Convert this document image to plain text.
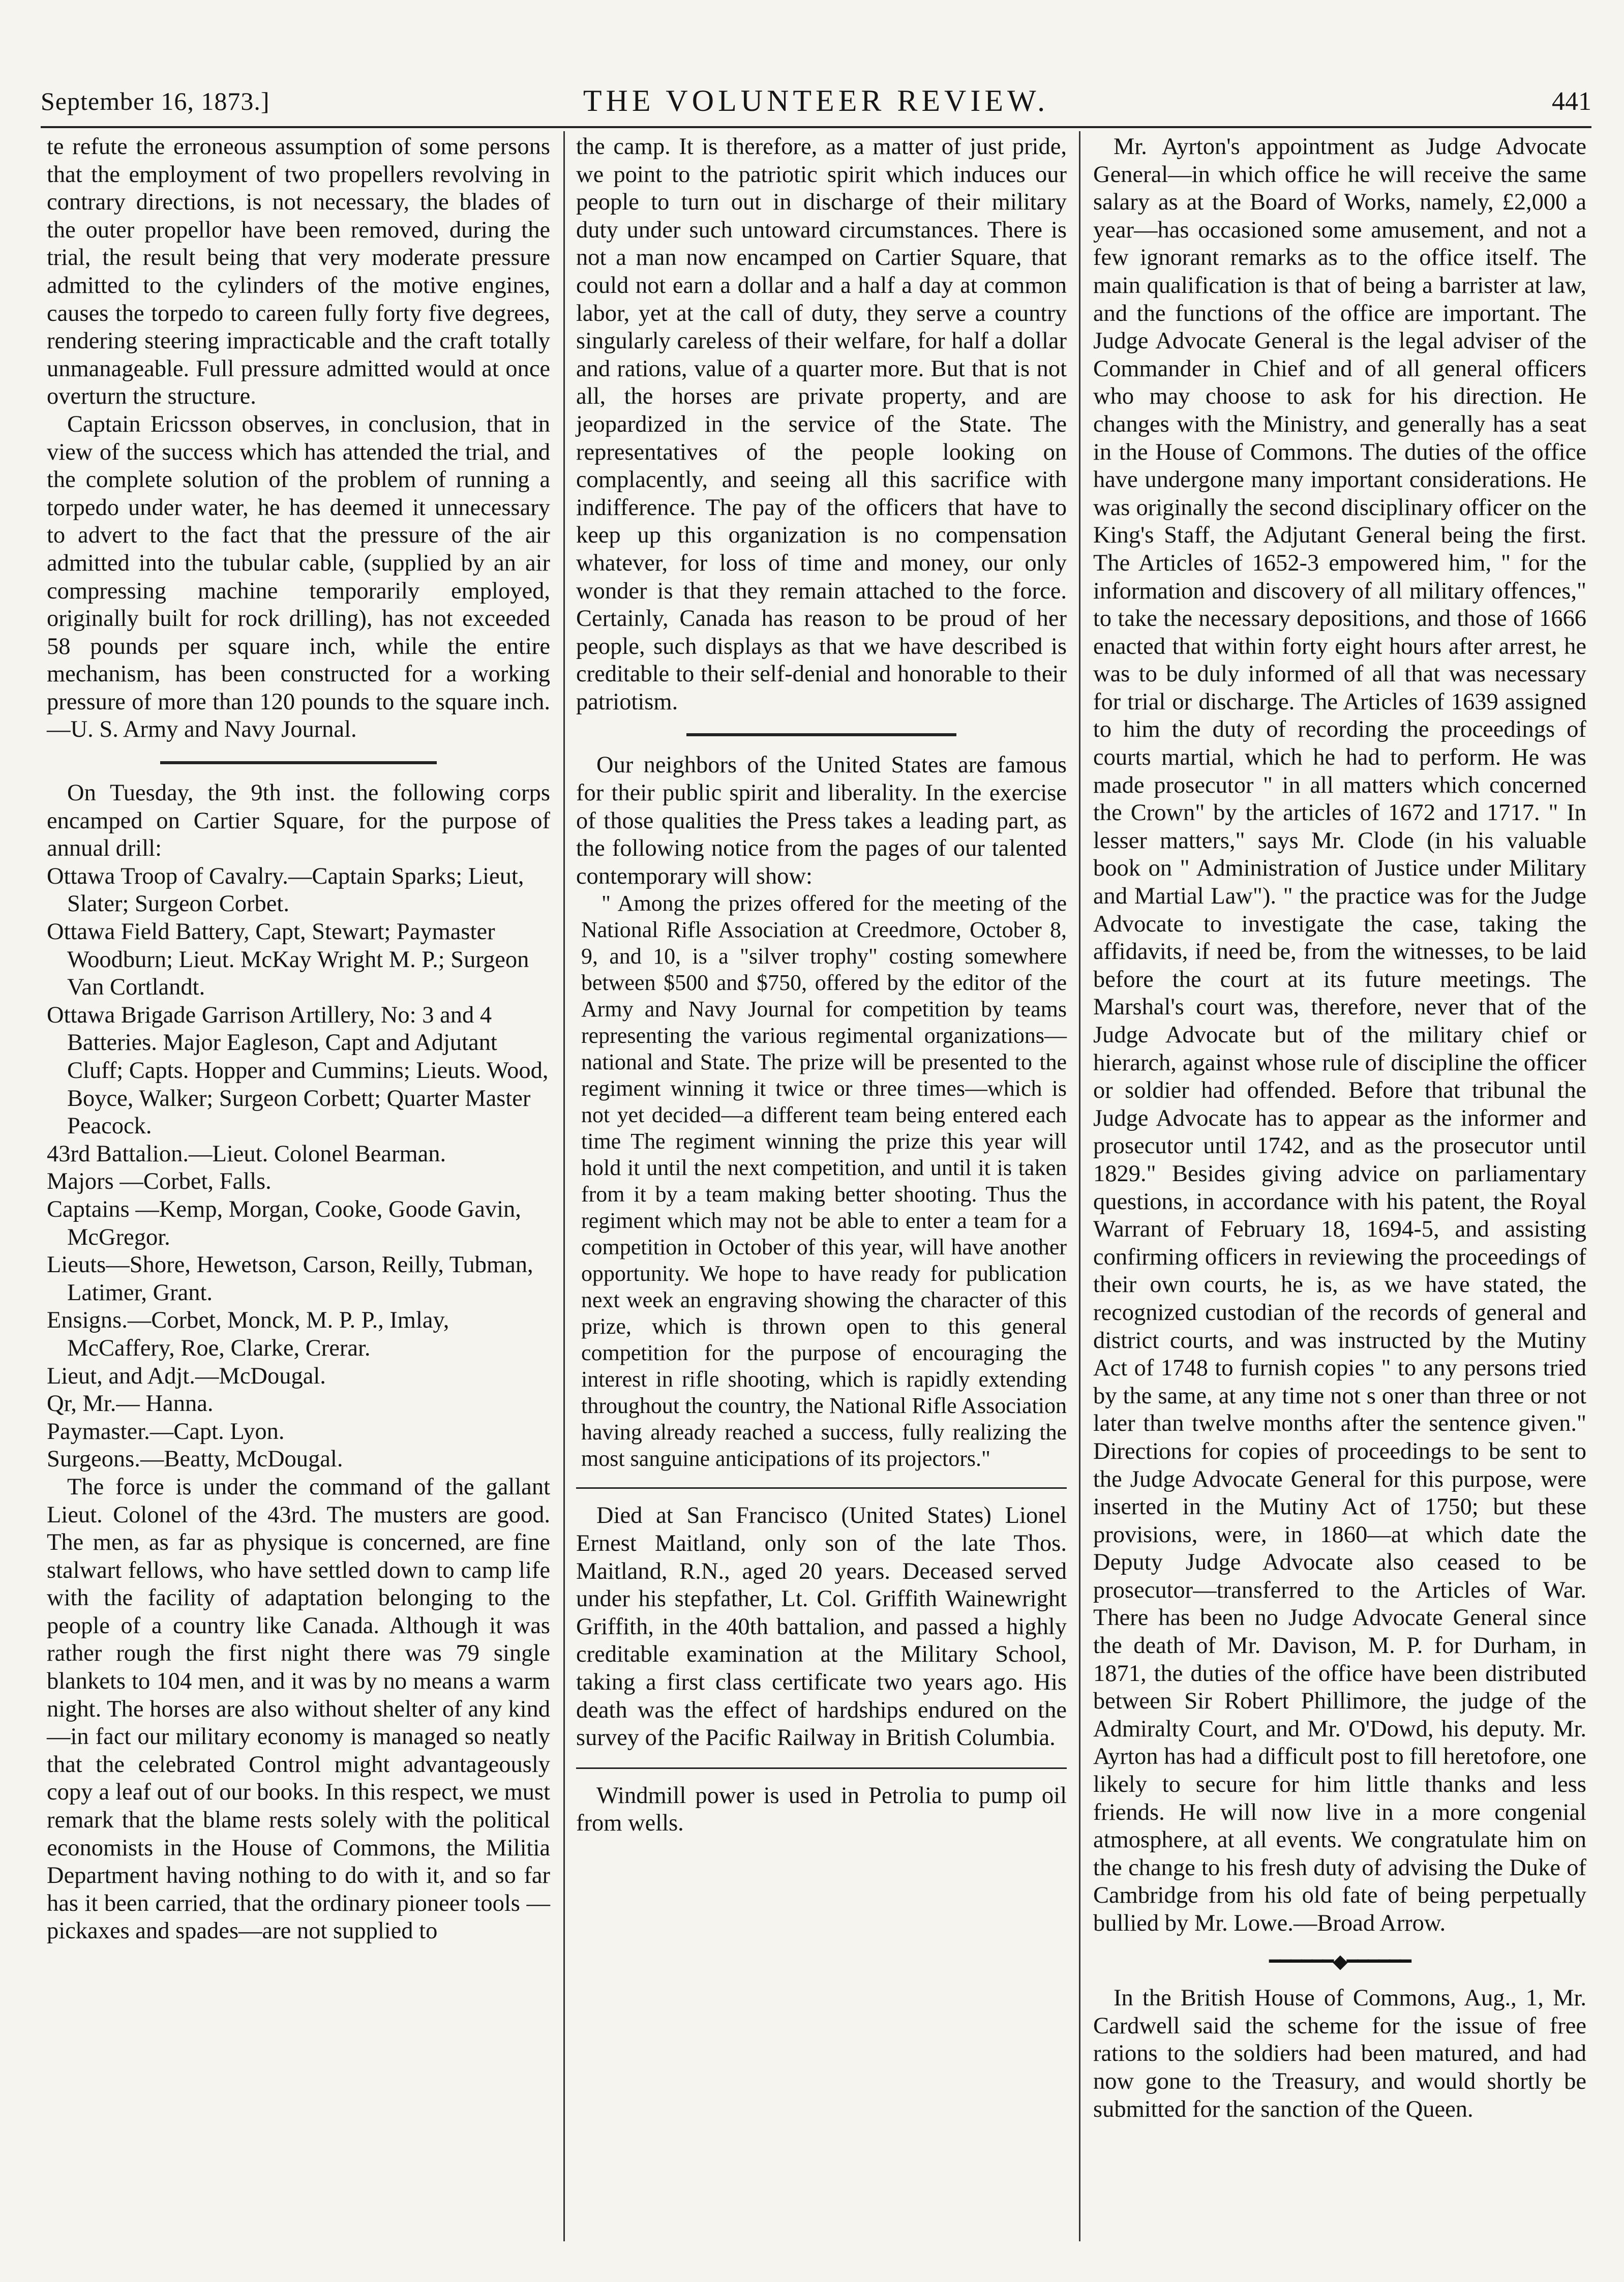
September 16, 1873.]	THE VOLUNTEER REVIEW.	441

te refute the erroneous assumption of some persons that the employment of two propellers revolving in contrary directions, is not necessary, the blades of the outer propellor have been removed, during the trial, the result being that very moderate pressure admitted to the cylinders of the motive engines, causes the torpedo to careen fully forty five degrees, rendering steering impracticable and the craft totally unmanageable. Full pressure admitted would at once overturn the structure.

Captain Ericsson observes, in conclusion, that in view of the success which has attended the trial, and the complete solution of the problem of running a torpedo under water, he has deemed it unnecessary to advert to the fact that the pressure of the air admitted into the tubular cable, (supplied by an air compressing machine temporarily employed, originally built for rock drilling), has not exceeded 58 pounds per square inch, while the entire mechanism, has been constructed for a working pressure of more than 120 pounds to the square inch.—U. S. Army and Navy Journal.

On Tuesday, the 9th inst. the following corps encamped on Cartier Square, for the purpose of annual drill:

Ottawa Troop of Cavalry.—Captain Sparks; Lieut, Slater; Surgeon Corbet.

Ottawa Field Battery, Capt, Stewart; Paymaster Woodburn; Lieut. McKay Wright M. P.; Surgeon Van Cortlandt.

Ottawa Brigade Garrison Artillery, No: 3 and 4 Batteries. Major Eagleson, Capt and Adjutant Cluff; Capts. Hopper and Cummins; Lieuts. Wood, Boyce, Walker; Surgeon Corbett; Quarter Master Peacock.

43rd Battalion.—Lieut. Colonel Bearman.

Majors —Corbet, Falls.

Captains —Kemp, Morgan, Cooke, Goode Gavin, McGregor.

Lieuts—Shore, Hewetson, Carson, Reilly, Tubman, Latimer, Grant.

Ensigns.—Corbet, Monck, M. P. P., Imlay, McCaffery, Roe, Clarke, Crerar.

Lieut, and Adjt.—McDougal.

Qr, Mr.— Hanna.

Paymaster.—Capt. Lyon.

Surgeons.—Beatty, McDougal.

The force is under the command of the gallant Lieut. Colonel of the 43rd. The musters are good. The men, as far as physique is concerned, are fine stalwart fellows, who have settled down to camp life with the facility of adaptation belonging to the people of a country like Canada. Although it was rather rough the first night there was 79 single blankets to 104 men, and it was by no means a warm night. The horses are also without shelter of any kind—in fact our military economy is managed so neatly that the celebrated Control might advantageously copy a leaf out of our books. In this respect, we must remark that the blame rests solely with the political economists in the House of Commons, the Militia Department having nothing to do with it, and so far has it been carried, that the ordinary pioneer tools —pickaxes and spades—are not supplied to

the camp. It is therefore, as a matter of just pride, we point to the patriotic spirit which induces our people to turn out in discharge of their military duty under such untoward circumstances. There is not a man now encamped on Cartier Square, that could not earn a dollar and a half a day at common labor, yet at the call of duty, they serve a country singularly careless of their welfare, for half a dollar and rations, value of a quarter more. But that is not all, the horses are private property, and are jeopardized in the service of the State. The representatives of the people looking on complacently, and seeing all this sacrifice with indifference. The pay of the officers that have to keep up this organization is no compensation whatever, for loss of time and money, our only wonder is that they remain attached to the force. Certainly, Canada has reason to be proud of her people, such displays as that we have described is creditable to their self-denial and honorable to their patriotism.

Our neighbors of the United States are famous for their public spirit and liberality. In the exercise of those qualities the Press takes a leading part, as the following notice from the pages of our talented contemporary will show:

" Among the prizes offered for the meeting of the National Rifle Association at Creedmore, October 8, 9, and 10, is a "silver trophy" costing somewhere between $500 and $750, offered by the editor of the Army and Navy Journal for competition by teams representing the various regimental organizations— national and State. The prize will be presented to the regiment winning it twice or three times—which is not yet decided—a different team being entered each time The regiment winning the prize this year will hold it until the next competition, and until it is taken from it by a team making better shooting. Thus the regiment which may not be able to enter a team for a competition in October of this year, will have another opportunity. We hope to have ready for publication next week an engraving showing the character of this prize, which is thrown open to this general competition for the purpose of encouraging the interest in rifle shooting, which is rapidly extending throughout the country, the National Rifle Association having already reached a success, fully realizing the most sanguine anticipations of its projectors."

Died at San Francisco (United States) Lionel Ernest Maitland, only son of the late Thos. Maitland, R.N., aged 20 years. Deceased served under his stepfather, Lt. Col. Griffith Wainewright Griffith, in the 40th battalion, and passed a highly creditable examination at the Military School, taking a first class certificate two years ago. His death was the effect of hardships endured on the survey of the Pacific Railway in British Columbia.

Windmill power is used in Petrolia to pump oil from wells.

Mr. Ayrton's appointment as Judge Advocate General—in which office he will receive the same salary as at the Board of Works, namely, £2,000 a year—has occasioned some amusement, and not a few ignorant remarks as to the office itself. The main qualification is that of being a barrister at law, and the functions of the office are important. The Judge Advocate General is the legal adviser of the Commander in Chief and of all general officers who may choose to ask for his direction. He changes with the Ministry, and generally has a seat in the House of Commons. The duties of the office have undergone many important considerations. He was originally the second disciplinary officer on the King's Staff, the Adjutant General being the first. The Articles of 1652-3 empowered him, " for the information and discovery of all military offences," to take the necessary depositions, and those of 1666 enacted that within forty eight hours after arrest, he was to be duly informed of all that was necessary for trial or discharge. The Articles of 1639 assigned to him the duty of recording the proceedings of courts martial, which he had to perform. He was made prosecutor " in all matters which concerned the Crown" by the articles of 1672 and 1717. " In lesser matters," says Mr. Clode (in his valuable book on " Administration of Justice under Military and Martial Law"). " the practice was for the Judge Advocate to investigate the case, taking the affidavits, if need be, from the witnesses, to be laid before the court at its future meetings. The Marshal's court was, therefore, never that of the Judge Advocate but of the military chief or hierarch, against whose rule of discipline the officer or soldier had offended. Before that tribunal the Judge Advocate has to appear as the informer and prosecutor until 1742, and as the prosecutor until 1829." Besides giving advice on parliamentary questions, in accordance with his patent, the Royal Warrant of February 18, 1694-5, and assisting confirming officers in reviewing the proceedings of their own courts, he is, as we have stated, the recognized custodian of the records of general and district courts, and was instructed by the Mutiny Act of 1748 to furnish copies " to any persons tried by the same, at any time not s oner than three or not later than twelve months after the sentence given." Directions for copies of proceedings to be sent to the Judge Advocate General for this purpose, were inserted in the Mutiny Act of 1750; but these provisions, were, in 1860—at which date the Deputy Judge Advocate also ceased to be prosecutor—transferred to the Articles of War. There has been no Judge Advocate General since the death of Mr. Davison, M. P. for Durham, in 1871, the duties of the office have been distributed between Sir Robert Phillimore, the judge of the Admiralty Court, and Mr. O'Dowd, his deputy. Mr. Ayrton has had a difficult post to fill heretofore, one likely to secure for him little thanks and less friends. He will now live in a more congenial atmosphere, at all events. We congratulate him on the change to his fresh duty of advising the Duke of Cambridge from his old fate of being perpetually bullied by Mr. Lowe.—Broad Arrow.

━━━━━━◆━━━━━━

In the British House of Commons, Aug., 1, Mr. Cardwell said the scheme for the issue of free rations to the soldiers had been matured, and had now gone to the Treasury, and would shortly be submitted for the sanction of the Queen.
